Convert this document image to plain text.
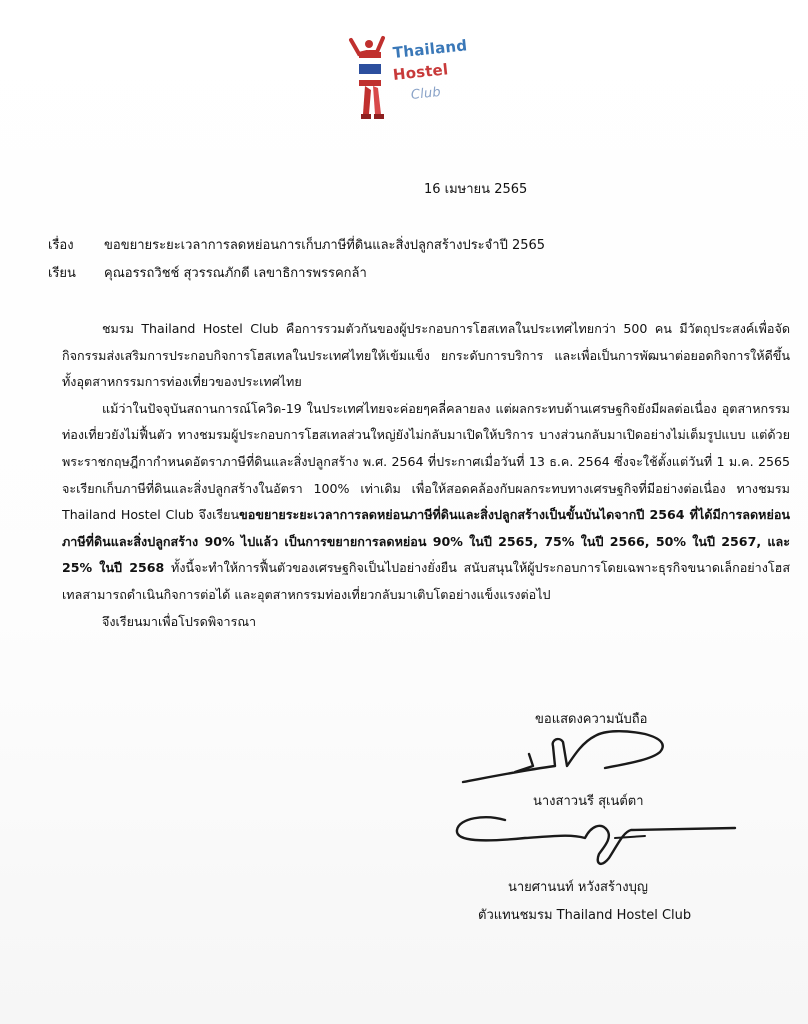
Thailand
Hostel
Club
16 เมษายน 2565
เรื่อง ขอขยายระยะเวลาการลดหย่อนการเก็บภาษีที่ดินและสิ่งปลูกสร้างประจำปี 2565
เรียน คุณอรรถวิชช์ สุวรรณภักดี เลขาธิการพรรคกล้า

ชมรม Thailand Hostel Club คือการรวมตัวกันของผู้ประกอบการโฮสเทลในประเทศไทยกว่า 500 คน มีวัตถุประสงค์เพื่อจัดกิจกรรมส่งเสริมการประกอบกิจการโฮสเทลในประเทศไทยให้เข้มแข็ง ยกระดับการบริการ และเพื่อเป็นการพัฒนาต่อยอดกิจการให้ดีขึ้นทั้งอุตสาหกรรมการท่องเที่ยวของประเทศไทย

แม้ว่าในปัจจุบันสถานการณ์โควิด-19 ในประเทศไทยจะค่อยๆคลี่คลายลง แต่ผลกระทบด้านเศรษฐกิจยังมีผลต่อเนื่อง อุตสาหกรรมท่องเที่ยวยังไม่ฟื้นตัว ทางชมรมผู้ประกอบการโฮสเทลส่วนใหญ่ยังไม่กลับมาเปิดให้บริการ บางส่วนกลับมาเปิดอย่างไม่เต็มรูปแบบ แต่ด้วยพระราชกฤษฎีกากำหนดอัตราภาษีที่ดินและสิ่งปลูกสร้าง พ.ศ. 2564 ที่ประกาศเมื่อวันที่ 13 ธ.ค. 2564 ซึ่งจะใช้ตั้งแต่วันที่ 1 ม.ค. 2565 จะเรียกเก็บภาษีที่ดินและสิ่งปลูกสร้างในอัตรา 100% เท่าเดิม เพื่อให้สอดคล้องกับผลกระทบทางเศรษฐกิจที่มีอย่างต่อเนื่อง ทางชมรม Thailand Hostel Club จึงเรียนขอขยายระยะเวลาการลดหย่อนภาษีที่ดินและสิ่งปลูกสร้างเป็นขั้นบันไดจากปี 2564 ที่ได้มีการลดหย่อนภาษีที่ดินและสิ่งปลูกสร้าง 90% ไปแล้ว เป็นการขยายการลดหย่อน 90% ในปี 2565, 75% ในปี 2566, 50% ในปี 2567, และ 25% ในปี 2568 ทั้งนี้จะทำให้การฟื้นตัวของเศรษฐกิจเป็นไปอย่างยั่งยืน สนับสนุนให้ผู้ประกอบการโดยเฉพาะธุรกิจขนาดเล็กอย่างโฮสเทลสามารถดำเนินกิจการต่อได้ และอุตสาหกรรมท่องเที่ยวกลับมาเติบโตอย่างแข็งแรงต่อไป

จึงเรียนมาเพื่อโปรดพิจารณา

ขอแสดงความนับถือ
นางสาวนรี สุเนต์ตา
นายศานนท์ หวังสร้างบุญ
ตัวแทนชมรม Thailand Hostel Club
